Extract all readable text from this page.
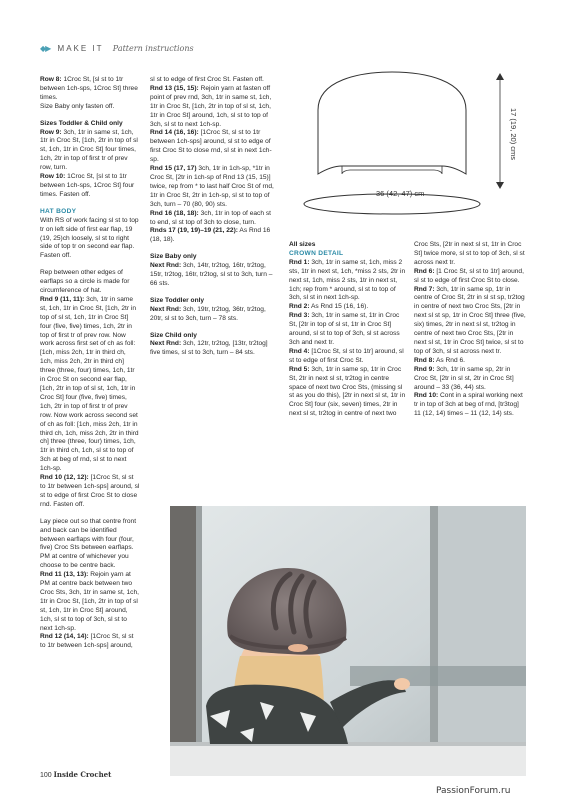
◆▶ MAKE IT Pattern instructions

Row 8: 1Croc St, [sl st to 1tr between 1ch-sps, 1Croc St] three times.

Size Baby only fasten off.

Sizes Toddler & Child only

Row 9: 3ch, 1tr in same st, 1ch, 1tr in Croc St, [1ch, 2tr in top of sl st, 1ch, 1tr in Croc St] four times, 1ch, 2tr in top of first tr of prev row, turn.

Row 10: 1Croc St, [sl st to 1tr between 1ch-sps, 1Croc St] four times. Fasten off.

HAT BODY

With RS of work facing sl st to top tr on left side of first ear flap, 19 (19, 25)ch loosely, sl st to right side of top tr on second ear flap. Fasten off.

Rep between other edges of earflaps so a circle is made for circumference of hat.

Rnd 9 (11, 11): 3ch, 1tr in same st, 1ch, 1tr in Croc St, [1ch, 2tr in top of sl st, 1ch, 1tr in Croc St] four (five, five) times, 1ch, 2tr in top of first tr of prev row. Now work across first set of ch as foll: [1ch, miss 2ch, 1tr in third ch, 1ch, miss 2ch, 2tr in third ch] three (three, four) times, 1ch, 1tr in Croc St on second ear flap, [1ch, 2tr in top of sl st, 1ch, 1tr in Croc St] four (five, five) times, 1ch, 2tr in top of first tr of prev row. Now work across second set of ch as foll: [1ch, miss 2ch, 1tr in third ch, 1ch, miss 2ch, 2tr in third ch] three (three, four) times, 1ch, 1tr in third ch, 1ch, sl st to top of 3ch at beg of rnd, sl st to next 1ch-sp.

Rnd 10 (12, 12): [1Croc St, sl st to 1tr between 1ch-sps] around, sl st to edge of first Croc St to close rnd. Fasten off.

Lay piece out so that centre front and back can be identified between earflaps with four (four, five) Croc Sts between earflaps. PM at centre of whichever you choose to be centre back.

Rnd 11 (13, 13): Rejoin yarn at PM at centre back between two Croc Sts, 3ch, 1tr in same st, 1ch, 1tr in Croc St, [1ch, 2tr in top of sl st, 1ch, 1tr in Croc St] around, 1ch, sl st to top of 3ch, sl st to next 1ch-sp.

Rnd 12 (14, 14): [1Croc St, sl st to 1tr between 1ch-sps] around,

sl st to edge of first Croc St. Fasten off.

Rnd 13 (15, 15): Rejoin yarn at fasten off point of prev rnd, 3ch, 1tr in same st, 1ch, 1tr in Croc St, [1ch, 2tr in top of sl st, 1ch, 1tr in Croc St] around, 1ch, sl st to top of 3ch, sl st to next 1ch-sp.

Rnd 14 (16, 16): [1Croc St, sl st to 1tr between 1ch-sps] around, sl st to edge of first Croc St to close rnd, sl st in next 1ch-sp.

Rnd 15 (17, 17) 3ch, 1tr in 1ch-sp, *1tr in Croc St, [2tr in 1ch-sp of Rnd 13 (15, 15)] twice, rep from * to last half Croc St of rnd, 1tr in Croc St, 2tr in 1ch-sp, sl st to top of 3ch, turn – 70 (80, 90) sts.

Rnd 16 (18, 18): 3ch, 1tr in top of each st to end, sl st top of 3ch to close, turn.

Rnds 17 (19, 19)–19 (21, 22): As Rnd 16 (18, 18).

Size Baby only

Next Rnd: 3ch, 14tr, tr2tog, 16tr, tr2tog, 15tr, tr2tog, 16tr, tr2tog, sl st to 3ch, turn – 66 sts.

Size Toddler only

Next Rnd: 3ch, 19tr, tr2tog, 36tr, tr2tog, 20tr, sl st to 3ch, turn – 78 sts.

Size Child only

Next Rnd: 3ch, 12tr, tr2tog, [13tr, tr2tog] five times, sl st to 3ch, turn – 84 sts.

All sizes

CROWN DETAIL

Rnd 1: 3ch, 1tr in same st, 1ch, miss 2 sts, 1tr in next st, 1ch, *miss 2 sts, 2tr in next st, 1ch, miss 2 sts, 1tr in next st, 1ch; rep from * around, sl st to top of 3ch, sl st in next 1ch-sp.

Rnd 2: As Rnd 15 (16, 16).

Rnd 3: 3ch, 1tr in same st, 1tr in Croc St, [2tr in top of sl st, 1tr in Croc St] around, sl st to top of 3ch, sl st across 3ch and next tr.

Rnd 4: [1Croc St, sl st to 1tr] around, sl st to edge of first Croc St.

Rnd 5: 3ch, 1tr in same sp, 1tr in Croc St, 2tr in next sl st, tr2tog in centre space of next two Croc Sts, (missing sl st as you do this), [2tr in next sl st, 1tr in Croc St] four (six, seven) times, 2tr in next sl st, tr2tog in centre of next two

Croc Sts, [2tr in next sl st, 1tr in Croc St] twice more, sl st to top of 3ch, sl st across next tr.

Rnd 6: [1 Croc St, sl st to 1tr] around, sl st to edge of first Croc St to close.

Rnd 7: 3ch, 1tr in same sp, 1tr in centre of Croc St, 2tr in sl st sp, tr2tog in centre of next two Croc Sts, [2tr in next sl st sp, 1tr in Croc St] three (five, six) times, 2tr in next sl st, tr2tog in centre of next two Croc Sts, [2tr in next sl st, 1tr in Croc St] twice, sl st to top of 3ch, sl st across next tr.

Rnd 8: As Rnd 6.

Rnd 9: 3ch, 1tr in same sp, 2tr in Croc St, [2tr in sl st, 2tr in Croc St] around – 33 (36, 44) sts.

Rnd 10: Cont in a spiral working next tr in top of 3ch at beg of rnd, [tr3tog] 11 (12, 14) times – 11 (12, 14) sts.

17 (19, 20) cms
36 (42, 47) cm
100 Inside Crochet
PassionForum.ru
